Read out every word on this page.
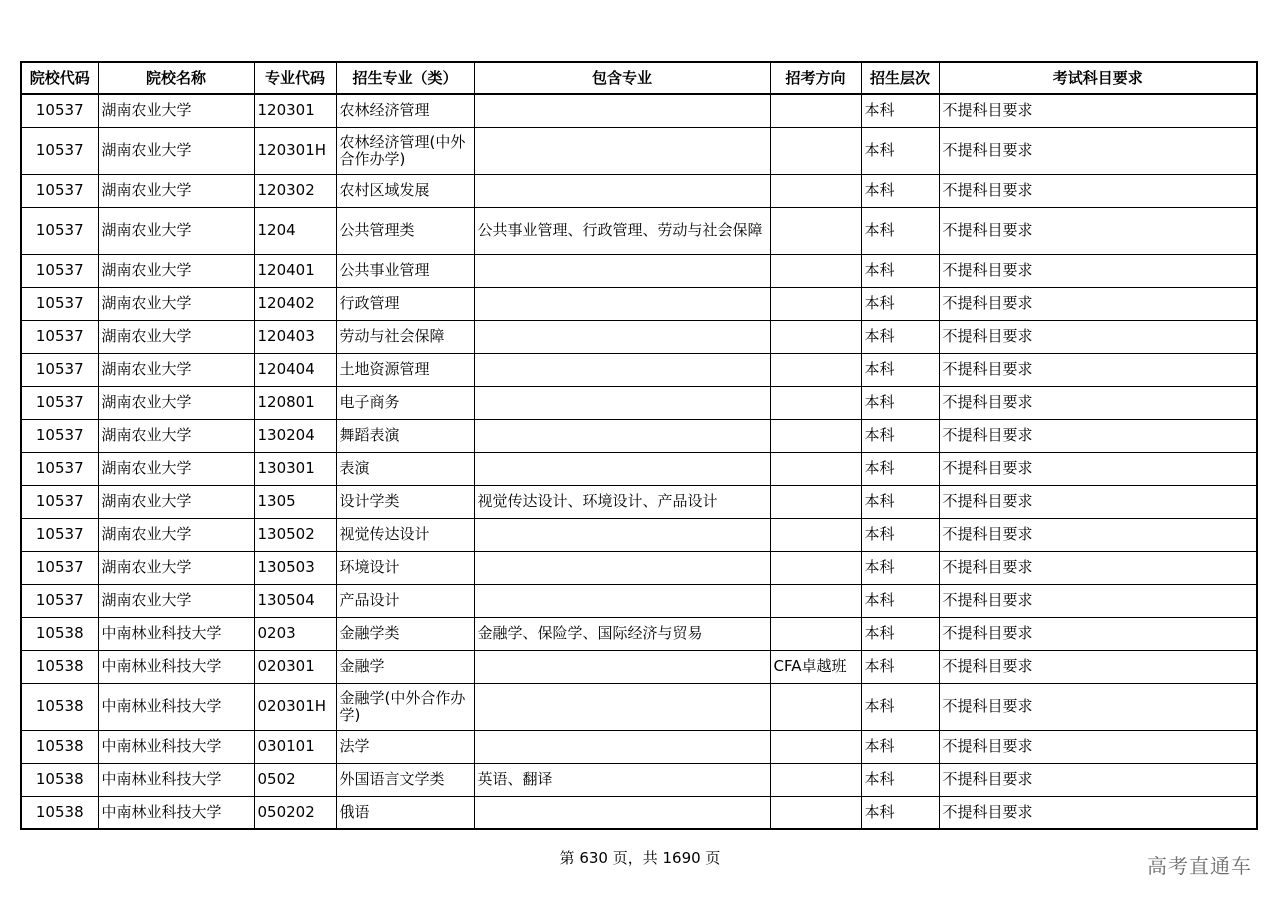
院校代码	院校名称	专业代码	招生专业（类）	包含专业	招考方向	招生层次	考试科目要求
10537	湖南农业大学	120301	农林经济管理			本科	不提科目要求
10537	湖南农业大学	120301H	农林经济管理(中外合作办学)			本科	不提科目要求
10537	湖南农业大学	120302	农村区域发展			本科	不提科目要求
10537	湖南农业大学	1204	公共管理类	公共事业管理、行政管理、劳动与社会保障		本科	不提科目要求
10537	湖南农业大学	120401	公共事业管理			本科	不提科目要求
10537	湖南农业大学	120402	行政管理			本科	不提科目要求
10537	湖南农业大学	120403	劳动与社会保障			本科	不提科目要求
10537	湖南农业大学	120404	土地资源管理			本科	不提科目要求
10537	湖南农业大学	120801	电子商务			本科	不提科目要求
10537	湖南农业大学	130204	舞蹈表演			本科	不提科目要求
10537	湖南农业大学	130301	表演			本科	不提科目要求
10537	湖南农业大学	1305	设计学类	视觉传达设计、环境设计、产品设计		本科	不提科目要求
10537	湖南农业大学	130502	视觉传达设计			本科	不提科目要求
10537	湖南农业大学	130503	环境设计			本科	不提科目要求
10537	湖南农业大学	130504	产品设计			本科	不提科目要求
10538	中南林业科技大学	0203	金融学类	金融学、保险学、国际经济与贸易		本科	不提科目要求
10538	中南林业科技大学	020301	金融学		CFA卓越班	本科	不提科目要求
10538	中南林业科技大学	020301H	金融学(中外合作办学)			本科	不提科目要求
10538	中南林业科技大学	030101	法学			本科	不提科目要求
10538	中南林业科技大学	0502	外国语言文学类	英语、翻译		本科	不提科目要求
10538	中南林业科技大学	050202	俄语			本科	不提科目要求
第 630 页，共 1690 页	高考直通车
